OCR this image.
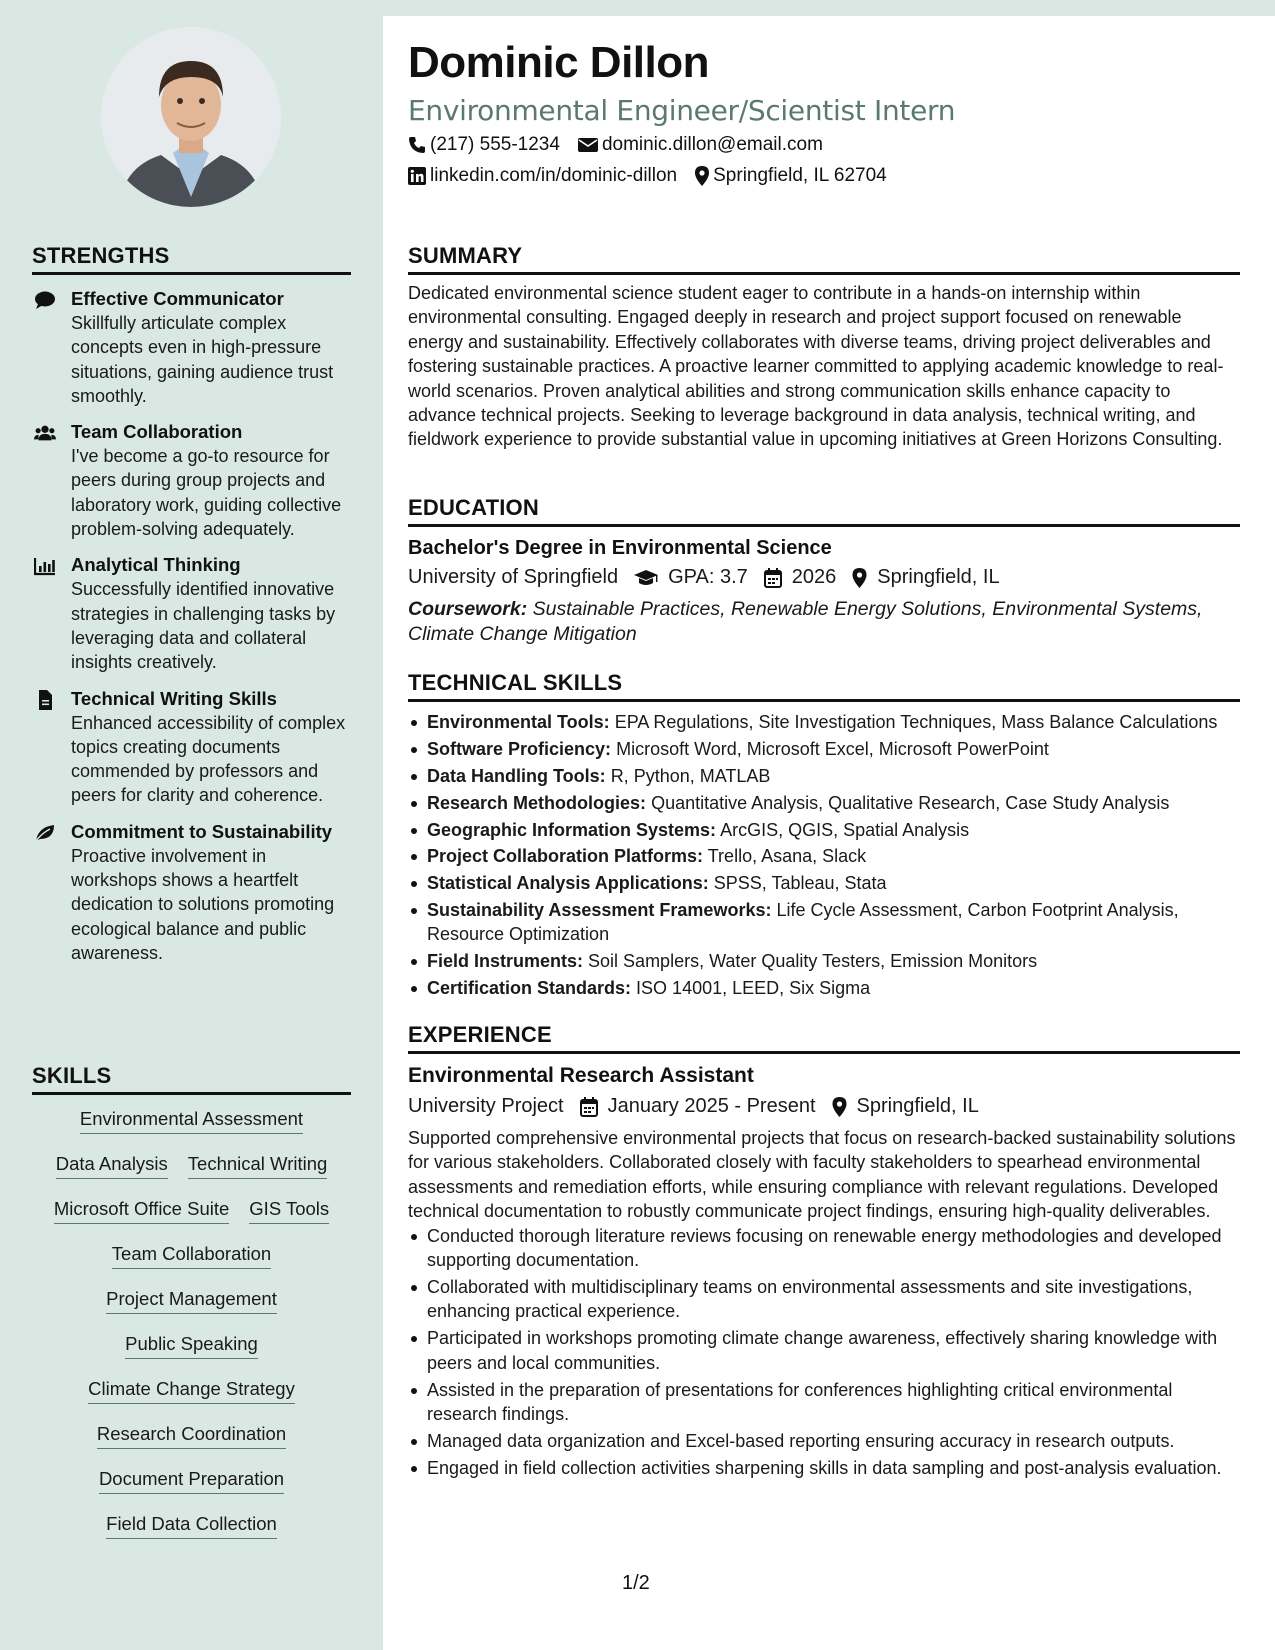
STRENGTHS
Effective Communicator
Skillfully articulate complex concepts even in high-pressure situations, gaining audience trust smoothly.
Team Collaboration
I've become a go-to resource for peers during group projects and laboratory work, guiding collective problem-solving adequately.
Analytical Thinking
Successfully identified innovative strategies in challenging tasks by leveraging data and collateral insights creatively.
Technical Writing Skills
Enhanced accessibility of complex topics creating documents commended by professors and peers for clarity and coherence.
Commitment to Sustainability
Proactive involvement in workshops shows a heartfelt dedication to solutions promoting ecological balance and public awareness.
SKILLS
Environmental Assessment
Data Analysis Technical Writing
Microsoft Office Suite GIS Tools
Team Collaboration
Project Management
Public Speaking
Climate Change Strategy
Research Coordination
Document Preparation
Field Data Collection
Dominic Dillon
Environmental Engineer/Scientist Intern
(217) 555-1234 dominic.dillon@email.com
linkedin.com/in/dominic-dillon Springfield, IL 62704
SUMMARY

Dedicated environmental science student eager to contribute in a hands-on internship within environmental consulting. Engaged deeply in research and project support focused on renewable energy and sustainability. Effectively collaborates with diverse teams, driving project deliverables and fostering sustainable practices. A proactive learner committed to applying academic knowledge to real-world scenarios. Proven analytical abilities and strong communication skills enhance capacity to advance technical projects. Seeking to leverage background in data analysis, technical writing, and fieldwork experience to provide substantial value in upcoming initiatives at Green Horizons Consulting.

EDUCATION
Bachelor's Degree in Environmental Science
University of Springfield	GPA: 3.7 2026 Springfield, IL
Coursework: Sustainable Practices, Renewable Energy Solutions, Environmental Systems, Climate Change Mitigation
TECHNICAL SKILLS
Environmental Tools: EPA Regulations, Site Investigation Techniques, Mass Balance Calculations
Software Proficiency: Microsoft Word, Microsoft Excel, Microsoft PowerPoint
Data Handling Tools: R, Python, MATLAB
Research Methodologies: Quantitative Analysis, Qualitative Research, Case Study Analysis
Geographic Information Systems: ArcGIS, QGIS, Spatial Analysis
Project Collaboration Platforms: Trello, Asana, Slack
Statistical Analysis Applications: SPSS, Tableau, Stata
Sustainability Assessment Frameworks: Life Cycle Assessment, Carbon Footprint Analysis, Resource Optimization
Field Instruments: Soil Samplers, Water Quality Testers, Emission Monitors
Certification Standards: ISO 14001, LEED, Six Sigma
EXPERIENCE
Environmental Research Assistant
University Project January 2025 - Present Springfield, IL
Supported comprehensive environmental projects that focus on research-backed sustainability solutions for various stakeholders. Collaborated closely with faculty stakeholders to spearhead environmental assessments and remediation efforts, while ensuring compliance with relevant regulations. Developed technical documentation to robustly communicate project findings, ensuring high-quality deliverables.
Conducted thorough literature reviews focusing on renewable energy methodologies and developed supporting documentation.
Collaborated with multidisciplinary teams on environmental assessments and site investigations, enhancing practical experience.
Participated in workshops promoting climate change awareness, effectively sharing knowledge with peers and local communities.
Assisted in the preparation of presentations for conferences highlighting critical environmental research findings.
Managed data organization and Excel-based reporting ensuring accuracy in research outputs.
Engaged in field collection activities sharpening skills in data sampling and post-analysis evaluation.
1/2
